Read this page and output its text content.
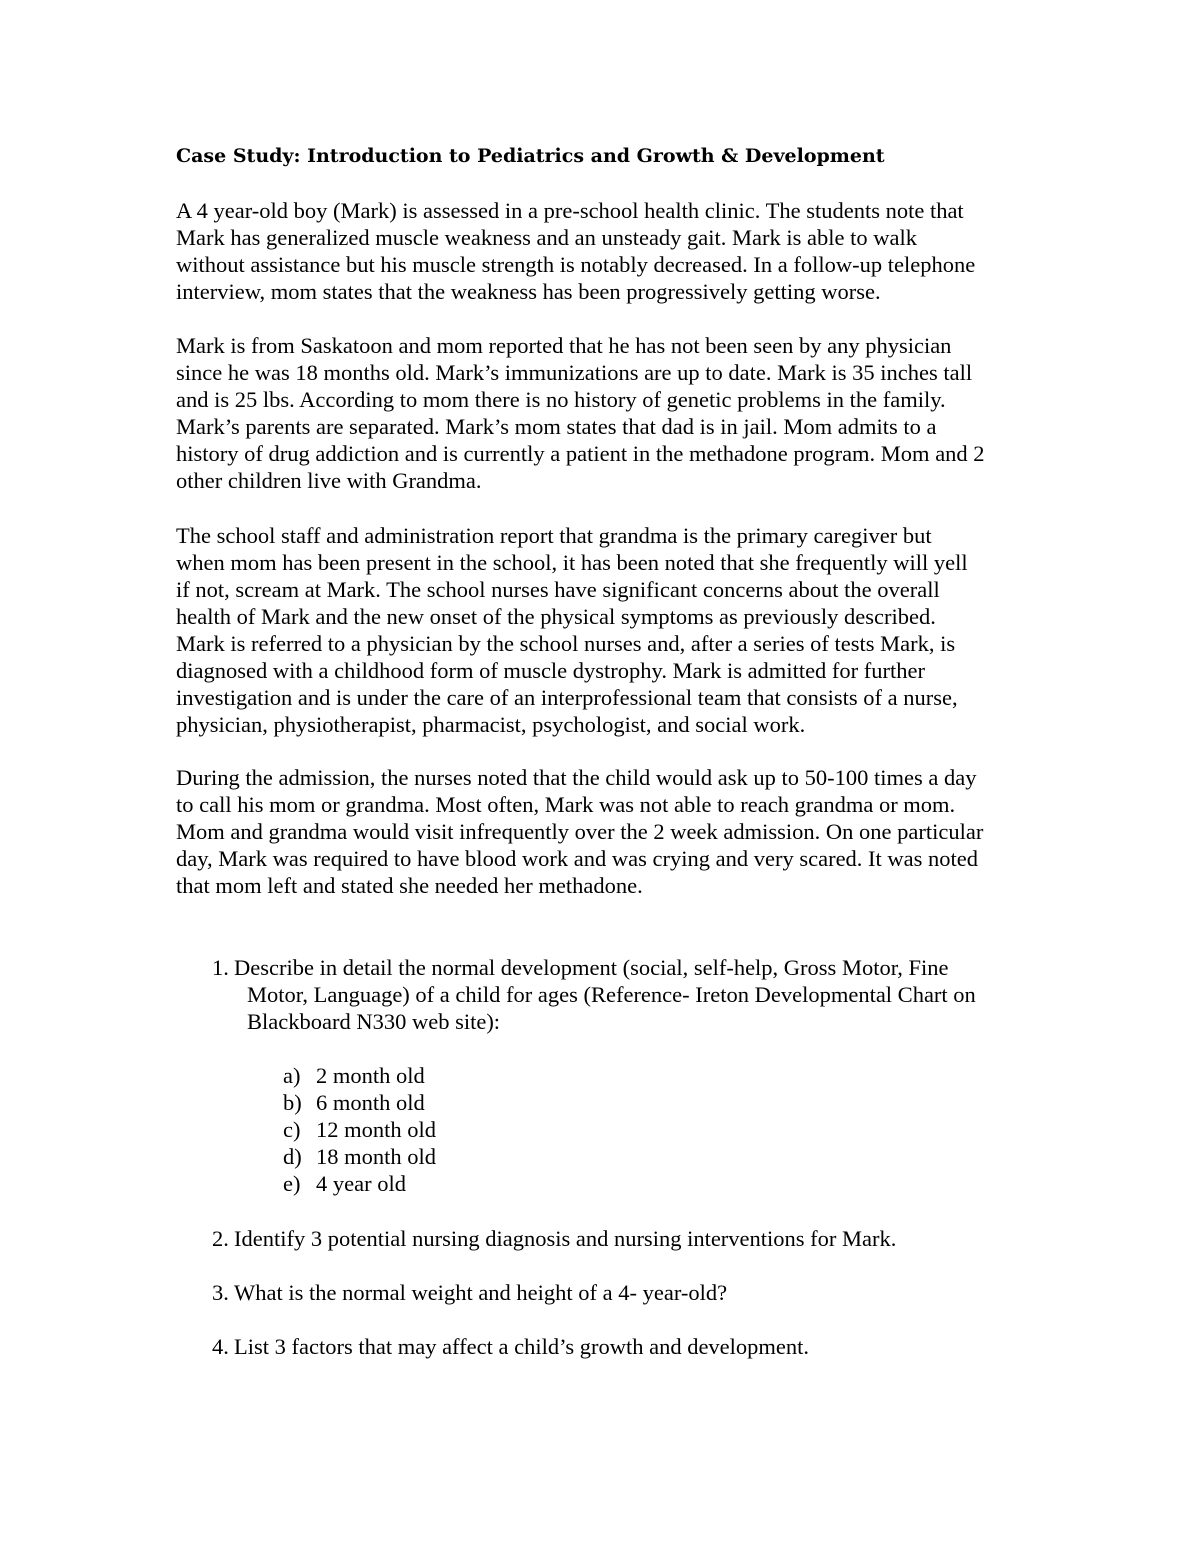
Case Study: Introduction to Pediatrics and Growth & Development

A 4 year-old boy (Mark) is assessed in a pre-school health clinic. The students note that
Mark has generalized muscle weakness and an unsteady gait. Mark is able to walk
without assistance but his muscle strength is notably decreased. In a follow-up telephone
interview, mom states that the weakness has been progressively getting worse.

Mark is from Saskatoon and mom reported that he has not been seen by any physician
since he was 18 months old. Mark’s immunizations are up to date. Mark is 35 inches tall
and is 25 lbs. According to mom there is no history of genetic problems in the family.
Mark’s parents are separated. Mark’s mom states that dad is in jail. Mom admits to a
history of drug addiction and is currently a patient in the methadone program. Mom and 2
other children live with Grandma.

The school staff and administration report that grandma is the primary caregiver but
when mom has been present in the school, it has been noted that she frequently will yell
if not, scream at Mark. The school nurses have significant concerns about the overall
health of Mark and the new onset of the physical symptoms as previously described.
Mark is referred to a physician by the school nurses and, after a series of tests Mark, is
diagnosed with a childhood form of muscle dystrophy. Mark is admitted for further
investigation and is under the care of an interprofessional team that consists of a nurse,
physician, physiotherapist, pharmacist, psychologist, and social work.

During the admission, the nurses noted that the child would ask up to 50-100 times a day
to call his mom or grandma. Most often, Mark was not able to reach grandma or mom.
Mom and grandma would visit infrequently over the 2 week admission. On one particular
day, Mark was required to have blood work and was crying and very scared. It was noted
that mom left and stated she needed her methadone.

1. Describe in detail the normal development (social, self-help, Gross Motor, Fine
Motor, Language) of a child for ages (Reference- Ireton Developmental Chart on
Blackboard N330 web site):
a) 2 month old
b) 6 month old
c) 12 month old
d) 18 month old
e) 4 year old
2. Identify 3 potential nursing diagnosis and nursing interventions for Mark.
3. What is the normal weight and height of a 4- year-old?
4. List 3 factors that may affect a child’s growth and development.
